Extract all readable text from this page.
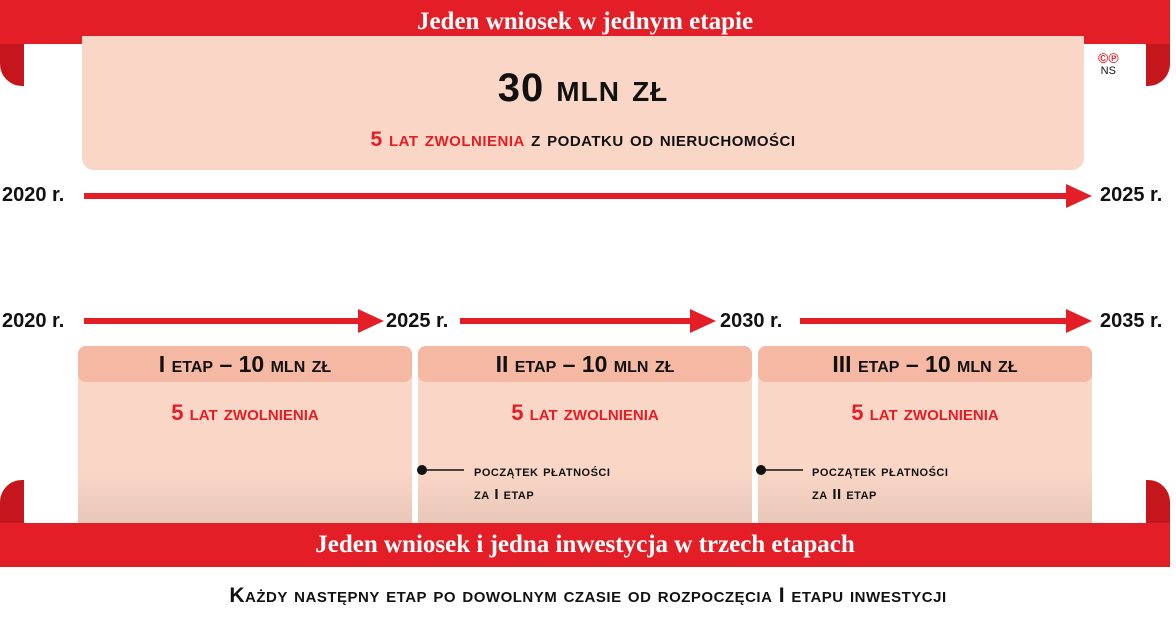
Jeden wniosek w jednym etapie
30 mln zł
5 lat zwolnienia z podatku od nieruchomości
©℗
NS
2020 r.	2025 r.
2020 r.	2025 r.	2030 r.	2035 r.
I etap – 10 mln zł
5 lat zwolnienia
II etap – 10 mln zł
5 lat zwolnienia
III etap – 10 mln zł
5 lat zwolnienia
początek płatności
za I etap
początek płatności
za II etap
Jeden wniosek i jedna inwestycja w trzech etapach
Każdy następny etap po dowolnym czasie od rozpoczęcia I etapu inwestycji
